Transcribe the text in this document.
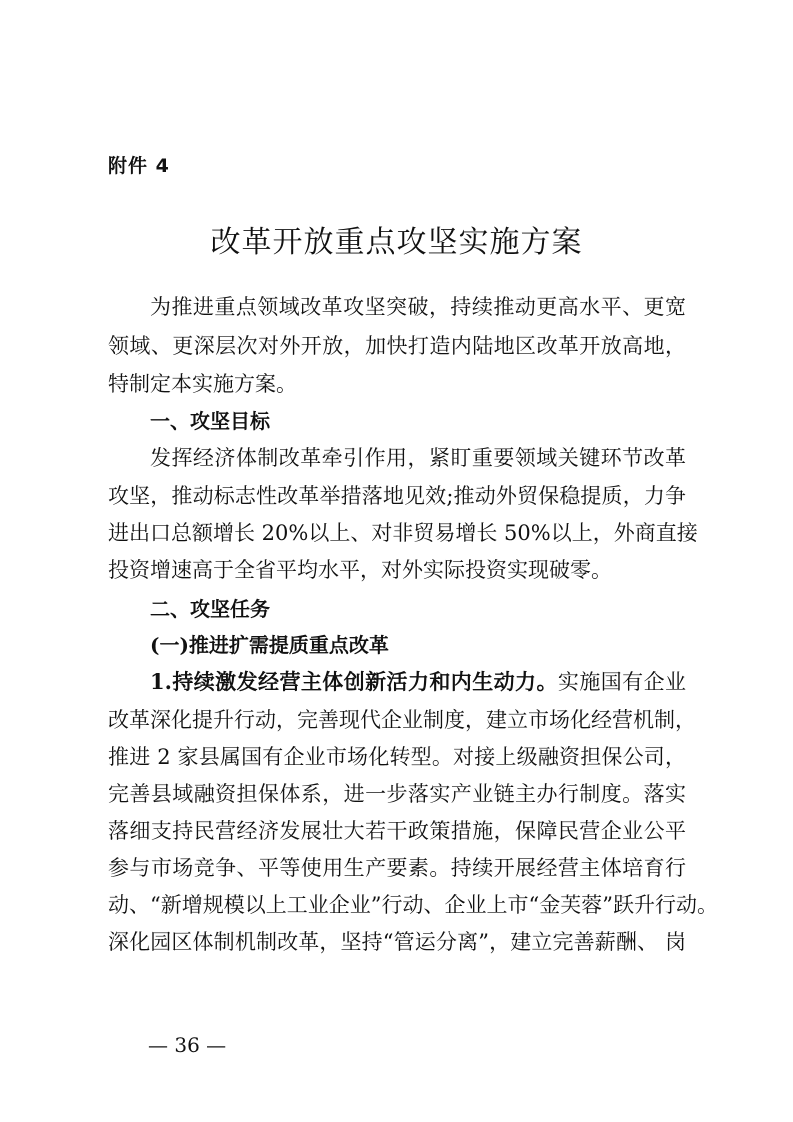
附件 4
改革开放重点攻坚实施方案
为推进重点领域改革攻坚突破，持续推动更高水平、更宽
领域、更深层次对外开放，加快打造内陆地区改革开放高地，
特制定本实施方案。
一、攻坚目标
发挥经济体制改革牵引作用，紧盯重要领域关键环节改革
攻坚，推动标志性改革举措落地见效;推动外贸保稳提质，力争
进出口总额增长 20%以上、对非贸易增长 50%以上，外商直接
投资增速高于全省平均水平，对外实际投资实现破零。
二、攻坚任务
(一)推进扩需提质重点改革
1.持续激发经营主体创新活力和内生动力。实施国有企业
改革深化提升行动，完善现代企业制度，建立市场化经营机制，
推进 2 家县属国有企业市场化转型。对接上级融资担保公司，
完善县域融资担保体系，进一步落实产业链主办行制度。落实
落细支持民营经济发展壮大若干政策措施，保障民营企业公平
参与市场竞争、平等使用生产要素。持续开展经营主体培育行
动、“新增规模以上工业企业”行动、企业上市“金芙蓉”跃升行动。
深化园区体制机制改革，坚持“管运分离”，建立完善薪酬、 岗
— 36 —
